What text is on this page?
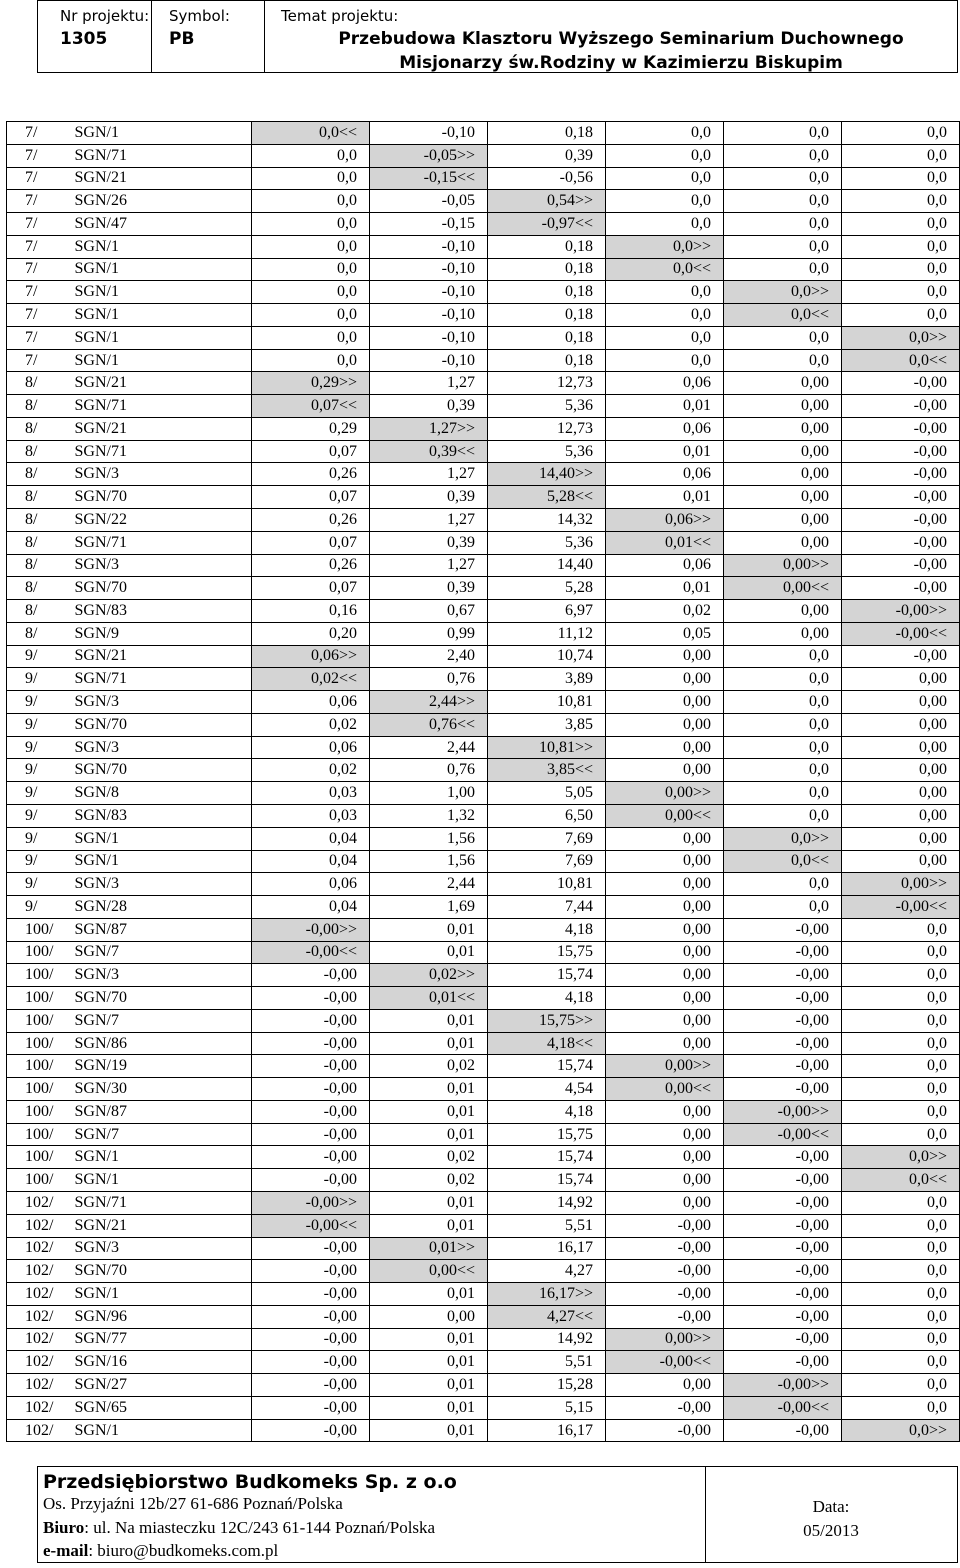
Nr projektu:
1305
Symbol:
PB
Temat projektu:
Przebudowa Klasztoru Wyższego Seminarium Duchownego Misjonarzy św.Rodziny w Kazimierzu Biskupim
7/	SGN/1	0,0<<	-0,10	0,18	0,0	0,0	0,0
7/	SGN/71	0,0	-0,05>>	0,39	0,0	0,0	0,0
7/	SGN/21	0,0	-0,15<<	-0,56	0,0	0,0	0,0
7/	SGN/26	0,0	-0,05	0,54>>	0,0	0,0	0,0
7/	SGN/47	0,0	-0,15	-0,97<<	0,0	0,0	0,0
7/	SGN/1	0,0	-0,10	0,18	0,0>>	0,0	0,0
7/	SGN/1	0,0	-0,10	0,18	0,0<<	0,0	0,0
7/	SGN/1	0,0	-0,10	0,18	0,0	0,0>>	0,0
7/	SGN/1	0,0	-0,10	0,18	0,0	0,0<<	0,0
7/	SGN/1	0,0	-0,10	0,18	0,0	0,0	0,0>>
7/	SGN/1	0,0	-0,10	0,18	0,0	0,0	0,0<<
8/	SGN/21	0,29>>	1,27	12,73	0,06	0,00	-0,00
8/	SGN/71	0,07<<	0,39	5,36	0,01	0,00	-0,00
8/	SGN/21	0,29	1,27>>	12,73	0,06	0,00	-0,00
8/	SGN/71	0,07	0,39<<	5,36	0,01	0,00	-0,00
8/	SGN/3	0,26	1,27	14,40>>	0,06	0,00	-0,00
8/	SGN/70	0,07	0,39	5,28<<	0,01	0,00	-0,00
8/	SGN/22	0,26	1,27	14,32	0,06>>	0,00	-0,00
8/	SGN/71	0,07	0,39	5,36	0,01<<	0,00	-0,00
8/	SGN/3	0,26	1,27	14,40	0,06	0,00>>	-0,00
8/	SGN/70	0,07	0,39	5,28	0,01	0,00<<	-0,00
8/	SGN/83	0,16	0,67	6,97	0,02	0,00	-0,00>>
8/	SGN/9	0,20	0,99	11,12	0,05	0,00	-0,00<<
9/	SGN/21	0,06>>	2,40	10,74	0,00	0,0	-0,00
9/	SGN/71	0,02<<	0,76	3,89	0,00	0,0	0,00
9/	SGN/3	0,06	2,44>>	10,81	0,00	0,0	0,00
9/	SGN/70	0,02	0,76<<	3,85	0,00	0,0	0,00
9/	SGN/3	0,06	2,44	10,81>>	0,00	0,0	0,00
9/	SGN/70	0,02	0,76	3,85<<	0,00	0,0	0,00
9/	SGN/8	0,03	1,00	5,05	0,00>>	0,0	0,00
9/	SGN/83	0,03	1,32	6,50	0,00<<	0,0	0,00
9/	SGN/1	0,04	1,56	7,69	0,00	0,0>>	0,00
9/	SGN/1	0,04	1,56	7,69	0,00	0,0<<	0,00
9/	SGN/3	0,06	2,44	10,81	0,00	0,0	0,00>>
9/	SGN/28	0,04	1,69	7,44	0,00	0,0	-0,00<<
100/	SGN/87	-0,00>>	0,01	4,18	0,00	-0,00	0,0
100/	SGN/7	-0,00<<	0,01	15,75	0,00	-0,00	0,0
100/	SGN/3	-0,00	0,02>>	15,74	0,00	-0,00	0,0
100/	SGN/70	-0,00	0,01<<	4,18	0,00	-0,00	0,0
100/	SGN/7	-0,00	0,01	15,75>>	0,00	-0,00	0,0
100/	SGN/86	-0,00	0,01	4,18<<	0,00	-0,00	0,0
100/	SGN/19	-0,00	0,02	15,74	0,00>>	-0,00	0,0
100/	SGN/30	-0,00	0,01	4,54	0,00<<	-0,00	0,0
100/	SGN/87	-0,00	0,01	4,18	0,00	-0,00>>	0,0
100/	SGN/7	-0,00	0,01	15,75	0,00	-0,00<<	0,0
100/	SGN/1	-0,00	0,02	15,74	0,00	-0,00	0,0>>
100/	SGN/1	-0,00	0,02	15,74	0,00	-0,00	0,0<<
102/	SGN/71	-0,00>>	0,01	14,92	0,00	-0,00	0,0
102/	SGN/21	-0,00<<	0,01	5,51	-0,00	-0,00	0,0
102/	SGN/3	-0,00	0,01>>	16,17	-0,00	-0,00	0,0
102/	SGN/70	-0,00	0,00<<	4,27	-0,00	-0,00	0,0
102/	SGN/1	-0,00	0,01	16,17>>	-0,00	-0,00	0,0
102/	SGN/96	-0,00	0,00	4,27<<	-0,00	-0,00	0,0
102/	SGN/77	-0,00	0,01	14,92	0,00>>	-0,00	0,0
102/	SGN/16	-0,00	0,01	5,51	-0,00<<	-0,00	0,0
102/	SGN/27	-0,00	0,01	15,28	0,00	-0,00>>	0,0
102/	SGN/65	-0,00	0,01	5,15	-0,00	-0,00<<	0,0
102/	SGN/1	-0,00	0,01	16,17	-0,00	-0,00	0,0>>
Przedsiębiorstwo Budkomeks Sp. z o.o
Os. Przyjaźni 12b/27 61-686 Poznań/Polska
Biuro: ul. Na miasteczku 12C/243 61-144 Poznań/Polska
e-mail: biuro@budkomeks.com.pl
Data:
05/2013
